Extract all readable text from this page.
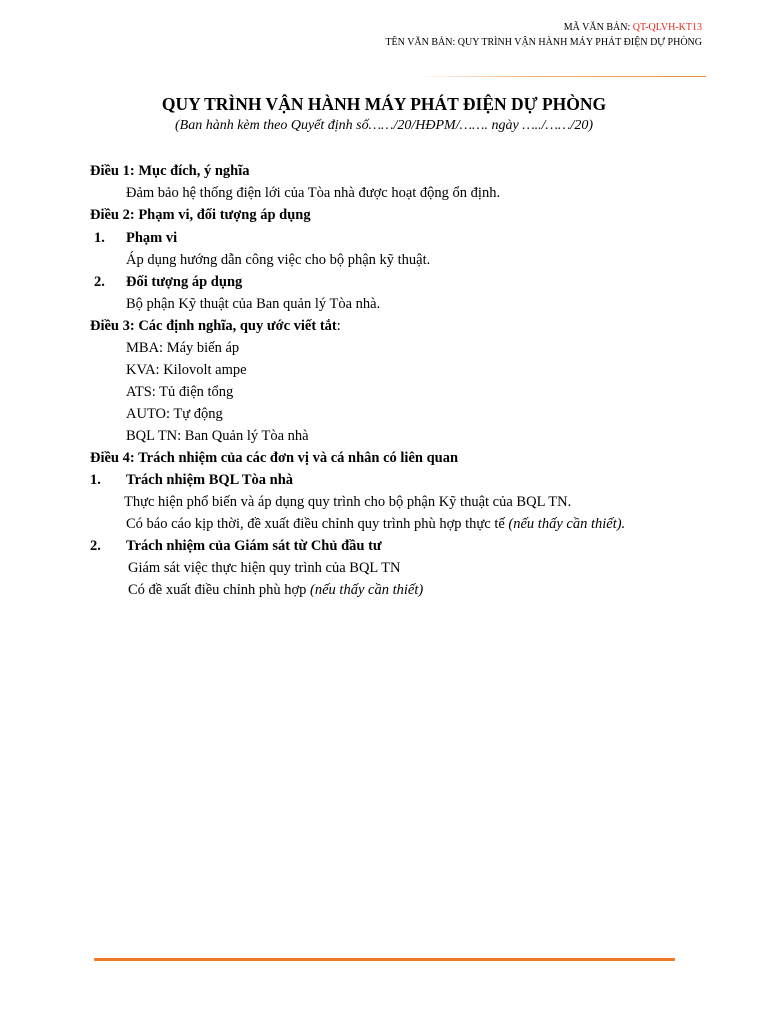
MÃ VĂN BẢN: QT-QLVH-KT13
TÊN VĂN BẢN: QUY TRÌNH VẬN HÀNH MÁY PHÁT ĐIỆN DỰ PHÒNG
QUY TRÌNH VẬN HÀNH MÁY PHÁT ĐIỆN DỰ PHÒNG
(Ban hành kèm theo Quyết định số……/20/HĐPM/……. ngày …../……/20)
Điều 1: Mục đích, ý nghĩa
Đảm bảo hệ thống điện lới của Tòa nhà được hoạt động ổn định.
Điều 2: Phạm vi, đối tượng áp dụng
1. Phạm vi
Áp dụng hướng dẫn công việc cho bộ phận kỹ thuật.
2. Đối tượng áp dụng
Bộ phận Kỹ thuật của Ban quản lý Tòa nhà.
Điều 3: Các định nghĩa, quy ước viết tắt:
MBA: Máy biến áp
KVA: Kilovolt ampe
ATS: Tủ điện tổng
AUTO: Tự động
BQL TN: Ban Quản lý Tòa nhà
Điều 4: Trách nhiệm của các đơn vị và cá nhân có liên quan
1. Trách nhiệm BQL Tòa nhà
Thực hiện phổ biến và áp dụng quy trình cho bộ phận Kỹ thuật của BQL TN.
Có báo cáo kịp thời, đề xuất điều chỉnh quy trình phù hợp thực tế (nếu thấy cần thiết).
2. Trách nhiệm của Giám sát từ Chủ đầu tư
Giám sát việc thực hiện quy trình của BQL TN
Có đề xuất điều chỉnh phù hợp (nếu thấy cần thiết)
